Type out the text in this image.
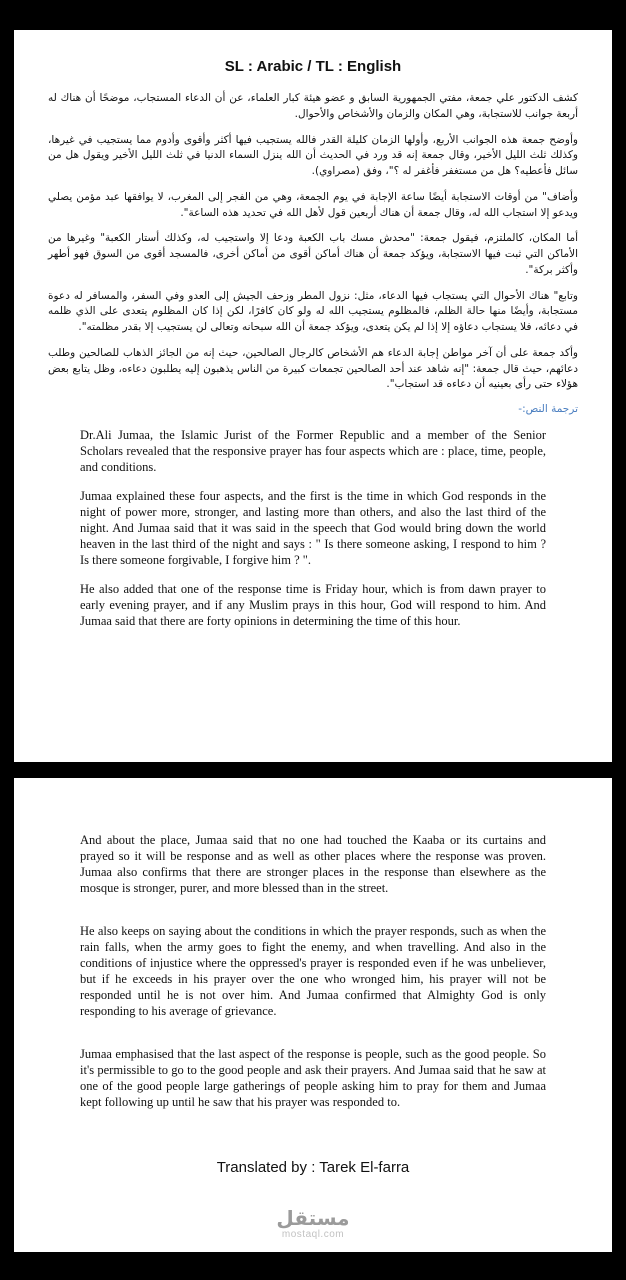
SL : Arabic / TL : English

كشف الدكتور علي جمعة، مفتي الجمهورية السابق و عضو هيئة كبار العلماء، عن أن الدعاء المستجاب، موضحًا أن هناك له أربعة جوانب للاستجابة، وهي المكان والزمان والأشخاص والأحوال.

وأوضح جمعة هذه الجوانب الأربع، وأولها الزمان كليلة القدر فالله يستجيب فيها أكثر وأقوى وأدوم مما يستجيب في غيرها، وكذلك ثلث الليل الأخير، وقال جمعة إنه قد ورد في الحديث أن الله ينزل السماء الدنيا في ثلث الليل الأخير ويقول هل من سائل فأعطيه؟ هل من مستغفر فأغفر له ؟"، وفق (مصراوي).

وأضاف" من أوقات الاستجابة أيضًا ساعة الإجابة في يوم الجمعة، وهي من الفجر إلى المغرب، لا يوافقها عبد مؤمن يصلي ويدعو إلا استجاب الله له، وقال جمعة أن هناك أربعين قول لأهل الله في تحديد هذه الساعة".

أما المكان، كالملتزم، فيقول جمعة: "محدش مسك باب الكعبة ودعا إلا واستجيب له، وكذلك أستار الكعبة" وغيرها من الأماكن التي ثبت فيها الاستجابة، ويؤكد جمعة أن هناك أماكن أقوى من أماكن أخرى، فالمسجد أقوى من السوق فهو أطهر وأكثر بركة".

وتابع" هناك الأحوال التي يستجاب فيها الدعاء، مثل: نزول المطر وزحف الجيش إلى العدو وفي السفر، والمسافر له دعوة مستجابة، وأيضًا منها حالة الظلم، فالمظلوم يستجيب الله له ولو كان كافرًا، لكن إذا كان المظلوم يتعدى على الذي ظلمه في دعائه، فلا يستجاب دعاؤه إلا إذا لم يكن يتعدى، ويؤكد جمعة أن الله سبحانه وتعالى لن يستجيب إلا بقدر مظلمته".

وأكد جمعة على أن آخر مواطن إجابة الدعاء هم الأشخاص كالرجال الصالحين، حيث إنه من الجائز الذهاب للصالحين وطلب دعائهم، حيث قال جمعة: "إنه شاهد عند أحد الصالحين تجمعات كبيرة من الناس يذهبون إليه يطلبون دعاءه، وظل يتابع بعض هؤلاء حتى رأى بعينيه أن دعاءه قد استجاب".

ترجمة النص:-

Dr.Ali Jumaa, the Islamic Jurist of the Former Republic and a member of the Senior Scholars revealed that the responsive prayer has four aspects which are : place, time, people, and conditions.

Jumaa explained these four aspects, and the first is the time in which God responds in the night of power more, stronger, and lasting more than others, and also the last third of the night. And Jumaa said that it was said in the speech that God would bring down the world heaven in the last third of the night and says : " Is there someone asking, I respond to him ? Is there someone forgivable, I forgive him ? ".

He also added that one of the response time is Friday hour, which is from dawn prayer to early evening prayer, and if any Muslim prays in this hour, God will respond to him. And Jumaa said that there are forty opinions in determining the time of this hour.

And about the place, Jumaa said that no one had touched the Kaaba or its curtains and prayed so it will be response and as well as other places where the response was proven. Jumaa also confirms that there are stronger places in the response than elsewhere as the mosque is stronger, purer, and more blessed than in the street.

He also keeps on saying about the conditions in which the prayer responds, such as when the rain falls, when the army goes to fight the enemy, and when travelling. And also in the conditions of injustice where the oppressed's prayer is responded even if he was unbeliever, but if he exceeds in his prayer over the one who wronged him, his prayer will not be responded until he is not over him. And Jumaa confirmed that Almighty God is only responding to his average of grievance.

Jumaa emphasised that the last aspect of the response is people, such as the good people. So it's permissible to go to the good people and ask their prayers. And Jumaa said that he saw at one of the good people large gatherings of people asking him to pray for them and Jumaa kept following up until he saw that his prayer was responded to.

Translated by : Tarek El-farra
مستقل
mostaql.com
